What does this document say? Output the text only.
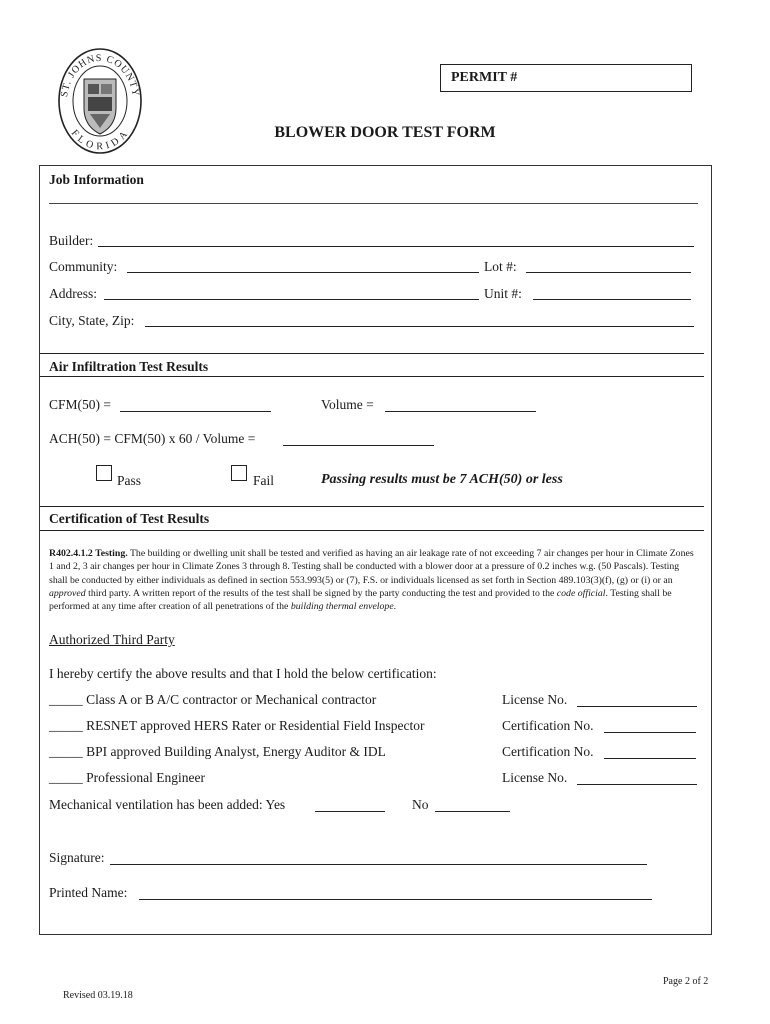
ST. JOHNS COUNTY
FLORIDA
PERMIT #
BLOWER DOOR TEST FORM
Job Information
Builder:
Community:	Lot #:
Address:	Unit #:
City, State, Zip:
Air Infiltration Test Results
CFM(50) =	Volume =
ACH(50) = CFM(50) x 60 / Volume =
Pass	Fail	Passing results must be 7 ACH(50) or less
Certification of Test Results
R402.4.1.2 Testing. The building or dwelling unit shall be tested and verified as having an air leakage rate of not exceeding 7 air changes per hour in Climate Zones 1 and 2, 3 air changes per hour in Climate Zones 3 through 8. Testing shall be conducted with a blower door at a pressure of 0.2 inches w.g. (50 Pascals). Testing shall be conducted by either individuals as defined in section 553.993(5) or (7), F.S. or individuals licensed as set forth in Section 489.103(3)(f), (g) or (i) or an approved third party. A written report of the results of the test shall be signed by the party conducting the test and provided to the code official. Testing shall be performed at any time after creation of all penetrations of the building thermal envelope.
Authorized Third Party
I hereby certify the above results and that I hold the below certification:
_____ Class A or B A/C contractor or Mechanical contractor	License No.
_____ RESNET approved HERS Rater or Residential Field Inspector	Certification No.
_____ BPI approved Building Analyst, Energy Auditor & IDL	Certification No.
_____ Professional Engineer	License No.
Mechanical ventilation has been added: Yes	No
Signature:
Printed Name:
Page 2 of 2
Revised 03.19.18
